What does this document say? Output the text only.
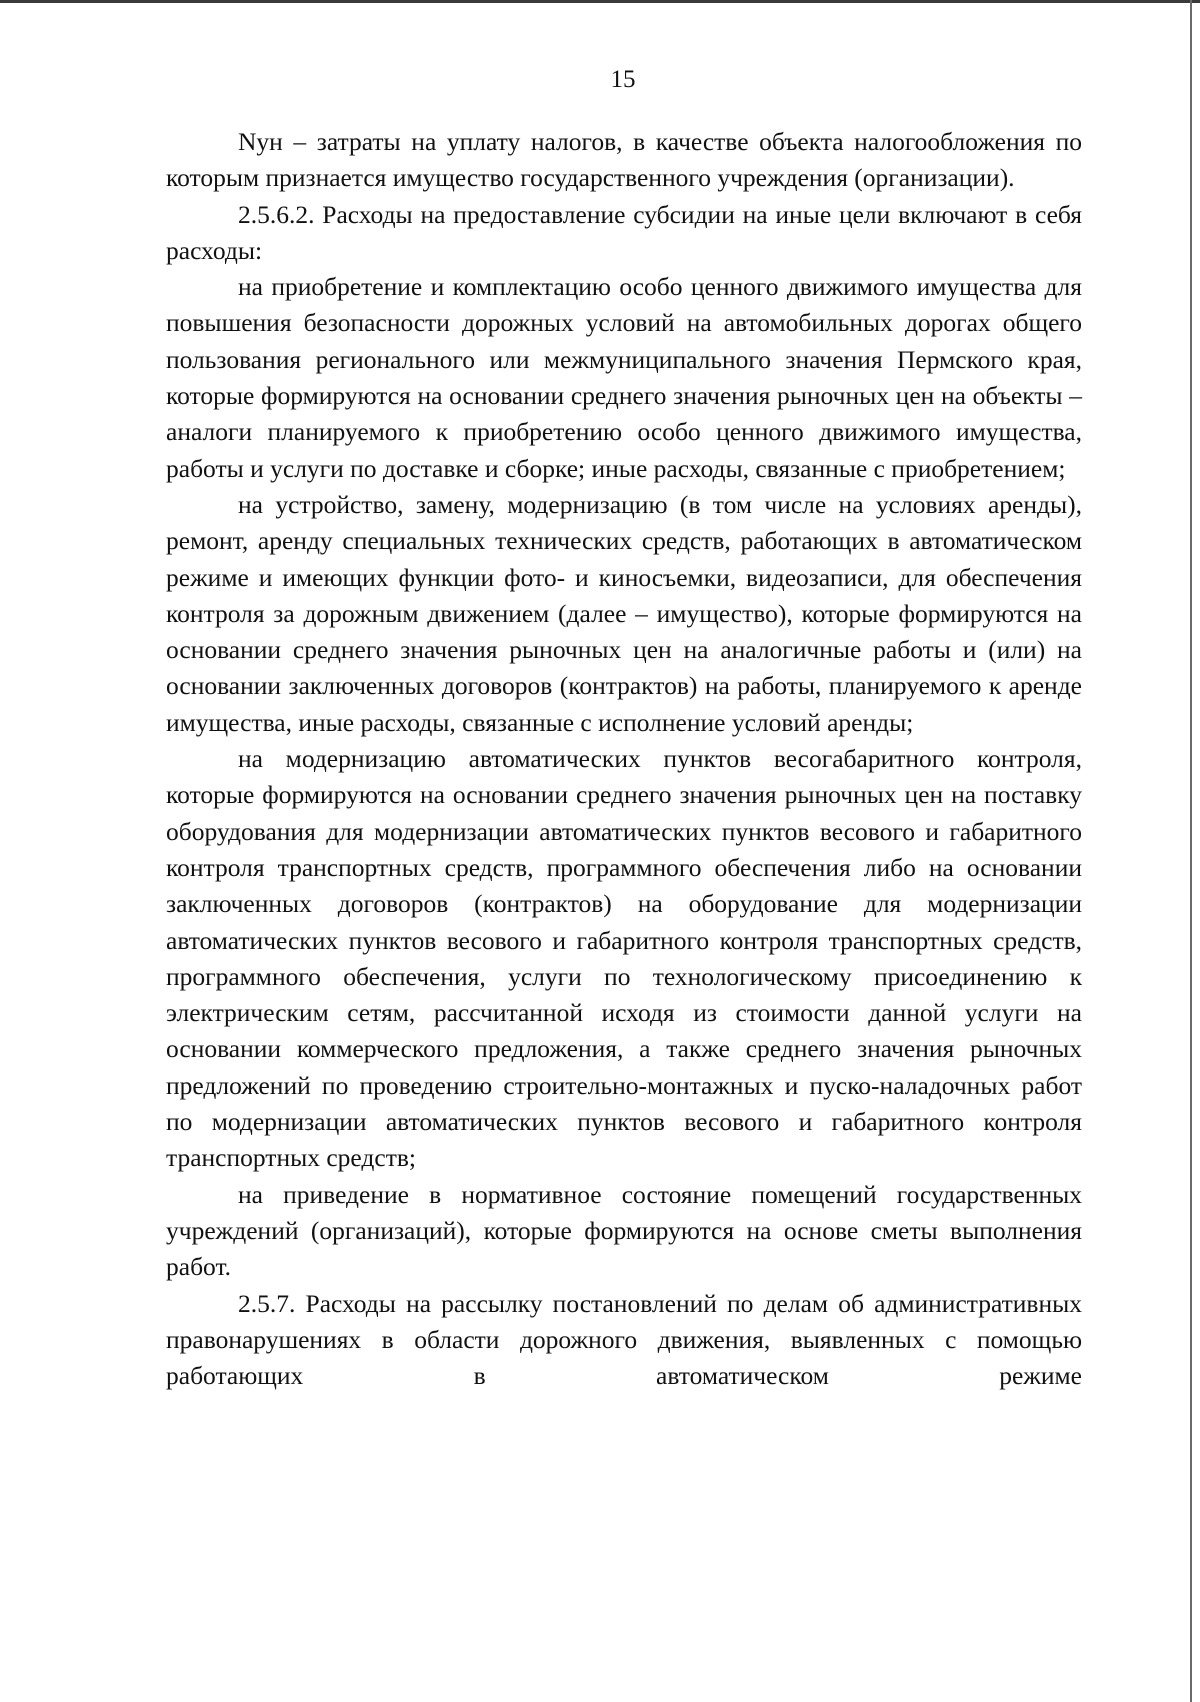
15

Nyн – затраты на уплату налогов, в качестве объекта налогообложения по которым признается имущество государственного учреждения (организации).

2.5.6.2. Расходы на предоставление субсидии на иные цели включают в себя расходы:

на приобретение и комплектацию особо ценного движимого имущества для повышения безопасности дорожных условий на автомобильных дорогах общего пользования регионального или межмуниципального значения Пермского края, которые формируются на основании среднего значения рыночных цен на объекты – аналоги планируемого к приобретению особо ценного движимого имущества, работы и услуги по доставке и сборке; иные расходы, связанные с приобретением;

на устройство, замену, модернизацию (в том числе на условиях аренды), ремонт, аренду специальных технических средств, работающих в автоматическом режиме и имеющих функции фото- и киносъемки, видеозаписи, для обеспечения контроля за дорожным движением (далее – имущество), которые формируются на основании среднего значения рыночных цен на аналогичные работы и (или) на основании заключенных договоров (контрактов) на работы, планируемого к аренде имущества, иные расходы, связанные с исполнение условий аренды;

на модернизацию автоматических пунктов весогабаритного контроля, которые формируются на основании среднего значения рыночных цен на поставку оборудования для модернизации автоматических пунктов весового и габаритного контроля транспортных средств, программного обеспечения либо на основании заключенных договоров (контрактов) на оборудование для модернизации автоматических пунктов весового и габаритного контроля транспортных средств, программного обеспечения, услуги по технологическому присоединению к электрическим сетям, рассчитанной исходя из стоимости данной услуги на основании коммерческого предложения, а также среднего значения рыночных предложений по проведению строительно-монтажных и пуско-наладочных работ по модернизации автоматических пунктов весового и габаритного контроля транспортных средств;

на приведение в нормативное состояние помещений государственных учреждений (организаций), которые формируются на основе сметы выполнения работ.

2.5.7. Расходы на рассылку постановлений по делам об административных правонарушениях в области дорожного движения, выявленных с помощью работающих в автоматическом режиме
